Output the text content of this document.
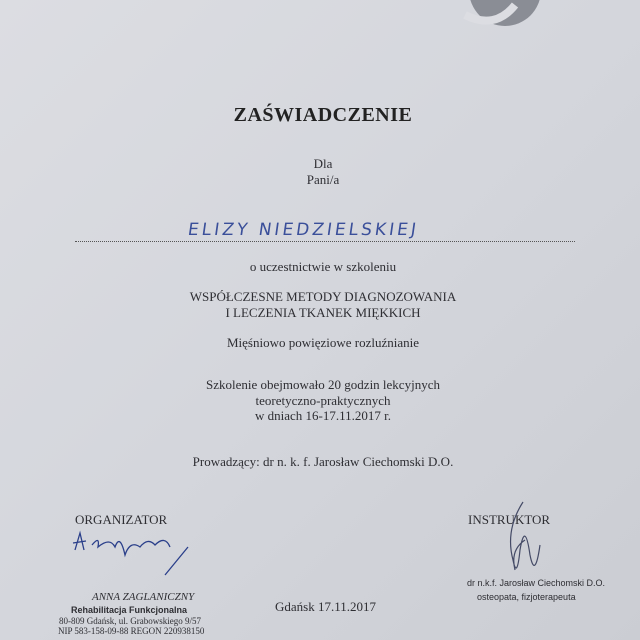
ZAŚWIADCZENIE
Dla
Pani/a
ELIZY NIEDZIELSKIEJ
o uczestnictwie w szkoleniu
WSPÓŁCZESNE METODY DIAGNOZOWANIA
I LECZENIA TKANEK MIĘKKICH
Mięśniowo powięziowe rozluźnianie
Szkolenie obejmowało 20 godzin lekcyjnych
teoretyczno-praktycznych
w dniach 16-17.11.2017 r.
Prowadzący: dr n. k. f. Jarosław Ciechomski D.O.
ORGANIZATOR
ANNA ZAGLANICZNY
Rehabilitacja Funkcjonalna
80-809 Gdańsk, ul. Grabowskiego 9/57
NIP 583-158-09-88 REGON 220938150
INSTRUKTOR
dr n.k.f. Jarosław Ciechomski D.O.
osteopata, fizjoterapeuta
Gdańsk 17.11.2017
